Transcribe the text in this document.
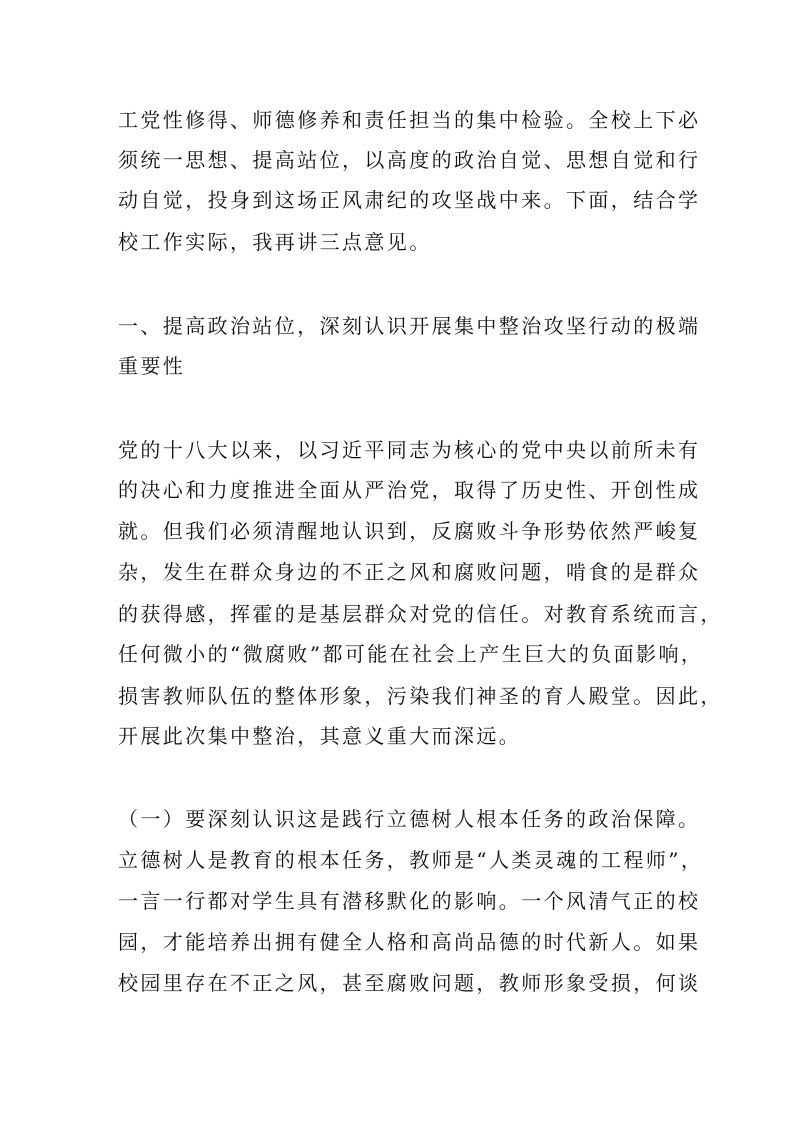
工党性修得、师德修养和责任担当的集中检验。全校上下必
须统一思想、提高站位，以高度的政治自觉、思想自觉和行
动自觉，投身到这场正风肃纪的攻坚战中来。下面，结合学
校工作实际，我再讲三点意见。
一、提高政治站位，深刻认识开展集中整治攻坚行动的极端
重要性
党的十八大以来，以习近平同志为核心的党中央以前所未有
的决心和力度推进全面从严治党，取得了历史性、开创性成
就。但我们必须清醒地认识到，反腐败斗争形势依然严峻复
杂，发生在群众身边的不正之风和腐败问题，啃食的是群众
的获得感，挥霍的是基层群众对党的信任。对教育系统而言，
任何微小的“微腐败”都可能在社会上产生巨大的负面影响，
损害教师队伍的整体形象，污染我们神圣的育人殿堂。因此，
开展此次集中整治，其意义重大而深远。
（一）要深刻认识这是践行立德树人根本任务的政治保障。
立德树人是教育的根本任务，教师是“人类灵魂的工程师”，
一言一行都对学生具有潜移默化的影响。一个风清气正的校
园，才能培养出拥有健全人格和高尚品德的时代新人。如果
校园里存在不正之风，甚至腐败问题，教师形象受损，何谈
